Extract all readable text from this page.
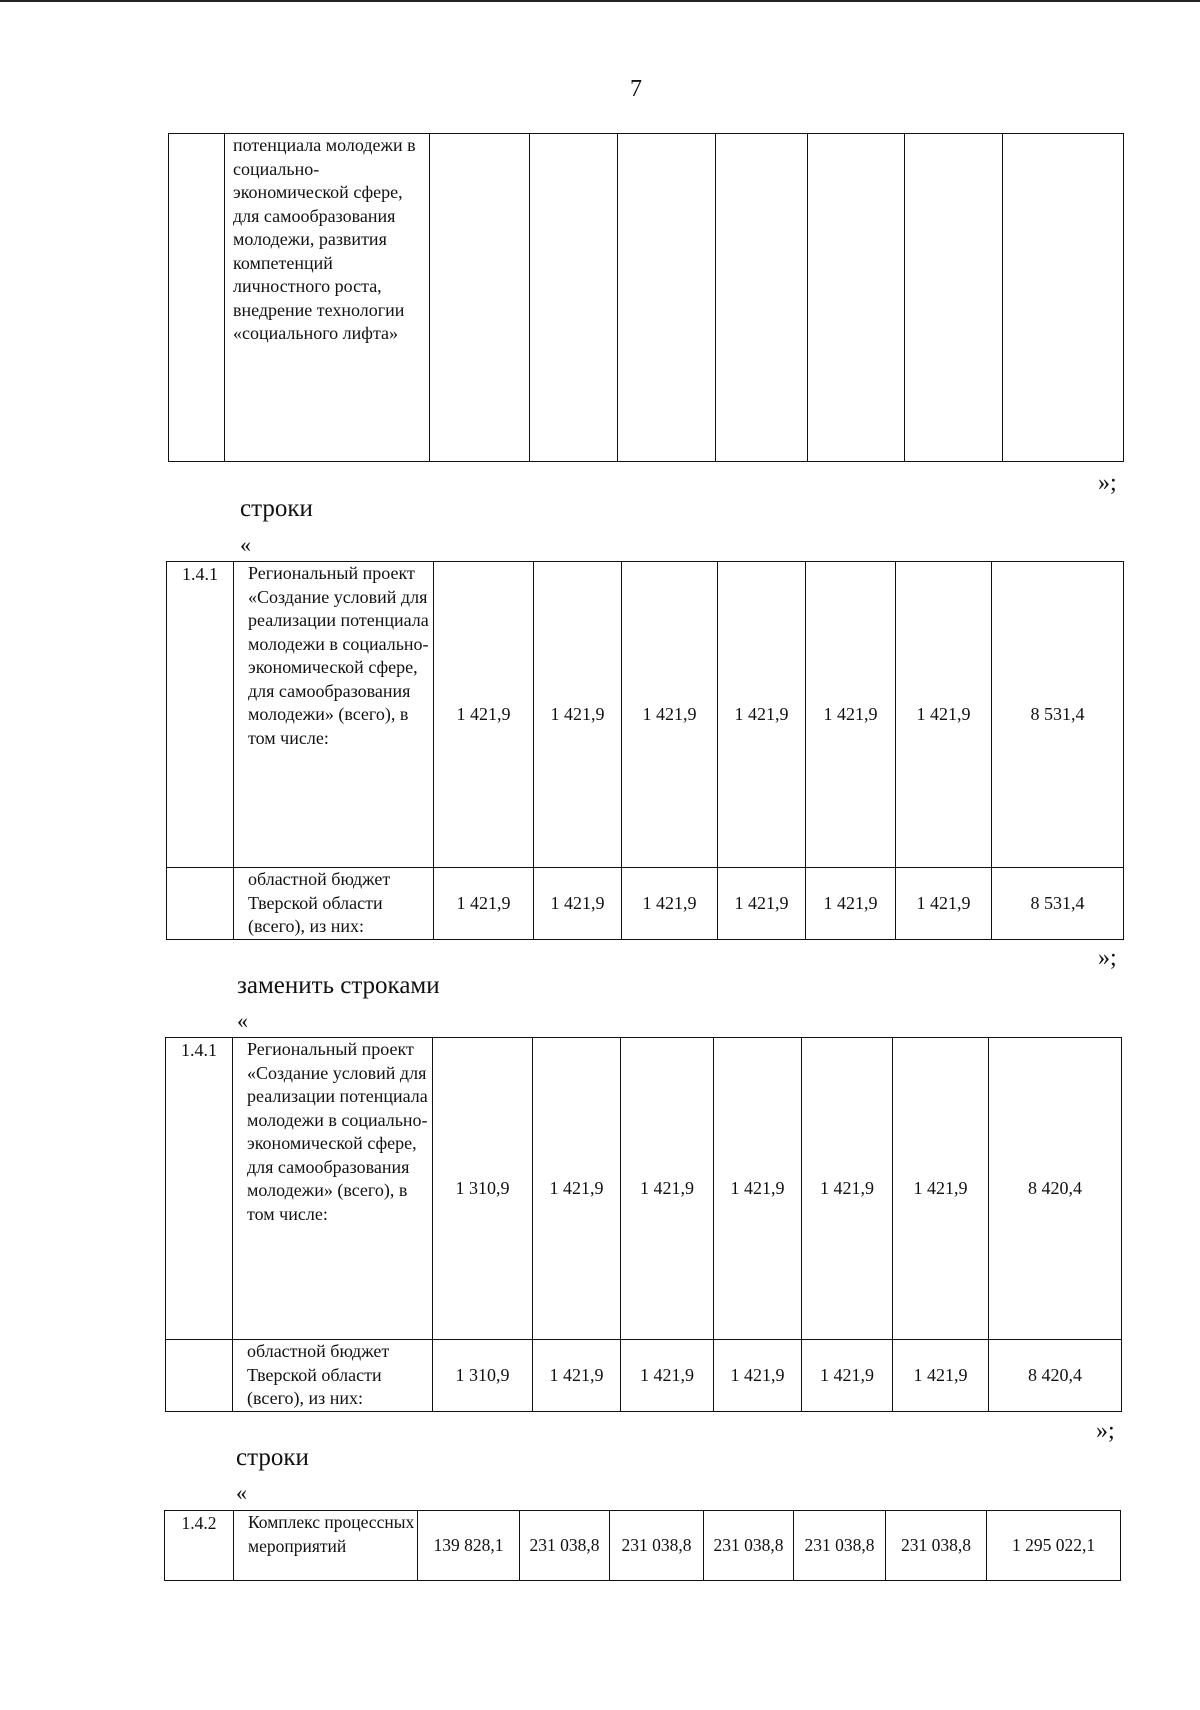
7
	потенциала молодежи в социально-экономической сфере, для самообразования молодежи, развития компетенций личностного роста, внедрение технологии «социального лифта»							
»;
строки
«
1.4.1	Региональный проект «Создание условий для реализации потенциала молодежи в социально-экономической сфере, для самообразования молодежи» (всего), в том числе:	1 421,9	1 421,9	1 421,9	1 421,9	1 421,9	1 421,9	8 531,4
	областной бюджет Тверской области (всего), из них:	1 421,9	1 421,9	1 421,9	1 421,9	1 421,9	1 421,9	8 531,4
»;
заменить строками
«
1.4.1	Региональный проект «Создание условий для реализации потенциала молодежи в социально-экономической сфере, для самообразования молодежи» (всего), в том числе:	1 310,9	1 421,9	1 421,9	1 421,9	1 421,9	1 421,9	8 420,4
	областной бюджет Тверской области (всего), из них:	1 310,9	1 421,9	1 421,9	1 421,9	1 421,9	1 421,9	8 420,4
»;
строки
«
1.4.2	Комплекс процессных мероприятий	139 828,1	231 038,8	231 038,8	231 038,8	231 038,8	231 038,8	1 295 022,1
